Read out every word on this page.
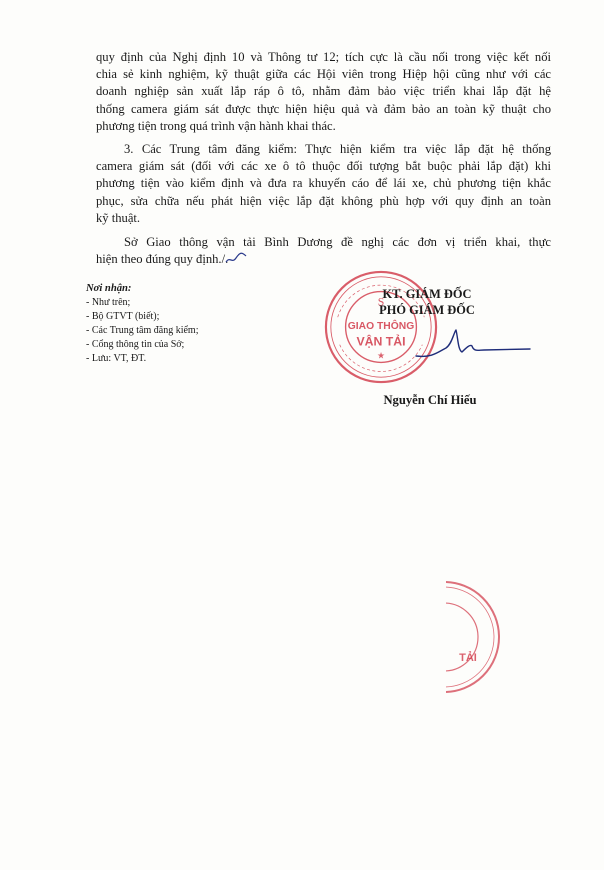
quy định của Nghị định 10 và Thông tư 12; tích cực là cầu nối trong việc kết nối
chia sẻ kinh nghiệm, kỹ thuật giữa các Hội viên trong Hiệp hội cũng như với các
doanh nghiệp sản xuất lắp ráp ô tô, nhằm đảm bảo việc triển khai lắp đặt hệ
thống camera giám sát được thực hiện hiệu quả và đảm bảo an toàn kỹ thuật cho
phương tiện trong quá trình vận hành khai thác.
3. Các Trung tâm đăng kiểm: Thực hiện kiểm tra việc lắp đặt hệ thống
camera giám sát (đối với các xe ô tô thuộc đối tượng bắt buộc phải lắp đặt) khi
phương tiện vào kiểm định và đưa ra khuyến cáo để lái xe, chủ phương tiện khắc
phục, sửa chữa nếu phát hiện việc lắp đặt không phù hợp với quy định an toàn
kỹ thuật.
Sở Giao thông vận tải Bình Dương đề nghị các đơn vị triển khai, thực
hiện theo đúng quy định./.
Nơi nhận:
- Như trên;
- Bộ GTVT (biết);
- Các Trung tâm đăng kiểm;
- Cổng thông tin của Sở;
- Lưu: VT, ĐT.
S
GIAO THÔNG
VẬN TẢI
★
KT. GIÁM ĐỐC
PHÓ GIÁM ĐỐC
Nguyễn Chí Hiếu
TẢI
